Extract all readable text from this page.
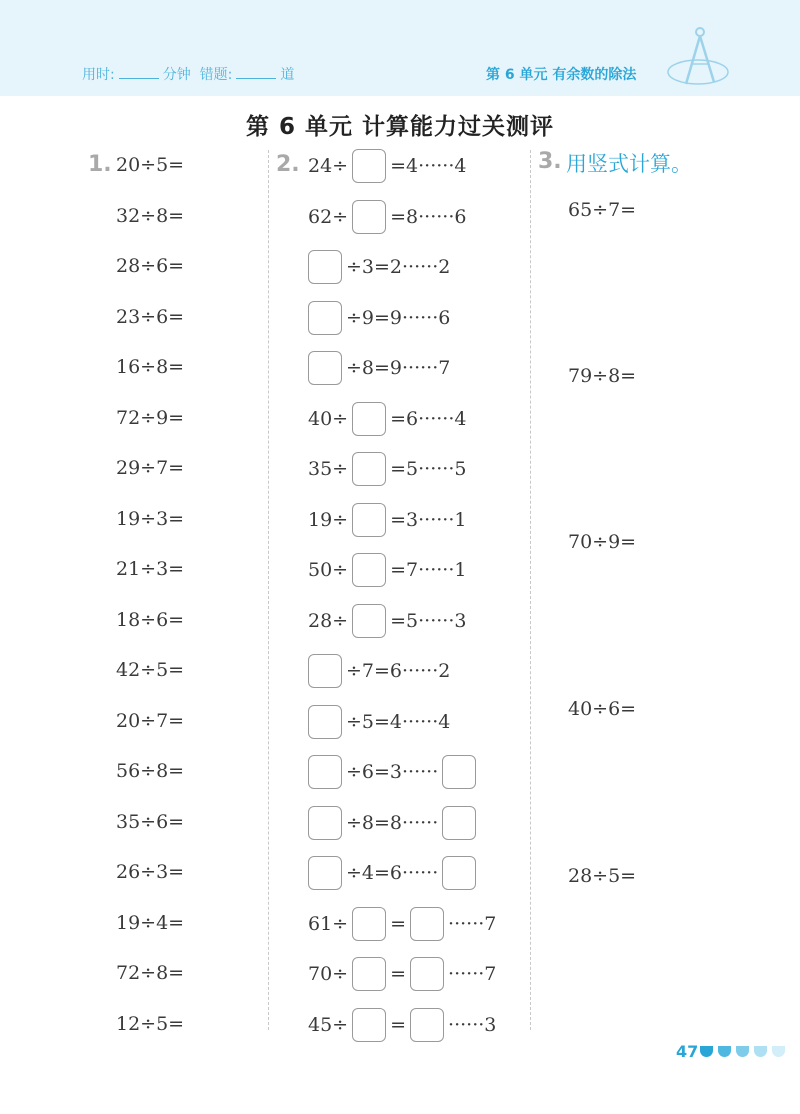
用时:	分钟 错题:	道	第 6 单元 有余数的除法
第 6 单元 计算能力过关测评
1. 20÷5=
32÷8=
28÷6=
23÷6=
16÷8=
72÷9=
29÷7=
19÷3=
21÷3=
18÷6=
42÷5=
20÷7=
56÷8=
35÷6=
26÷3=
19÷4=
72÷8=
12÷5=
2. 24÷ =4······4
62÷ =8······6
÷3=2······2
÷9=9······6
÷8=9······7
40÷ =6······4
35÷ =5······5
19÷ =3······1
50÷ =7······1
28÷ =5······3
÷7=6······2
÷5=4······4
÷6=3······
÷8=8······
÷4=6······
61÷ = ······7
70÷ = ······7
45÷ = ······3
3. 用竖式计算。
65÷7=
79÷8=
70÷9=
40÷6=
28÷5=
47
